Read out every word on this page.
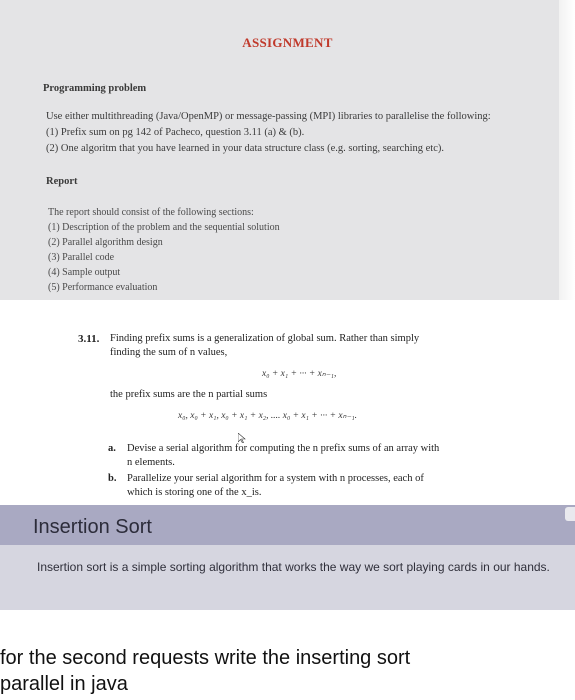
ASSIGNMENT
Programming problem
Use either multithreading (Java/OpenMP) or message-passing (MPI) libraries to parallelise the following:
(1) Prefix sum on pg 142 of Pacheco, question 3.11 (a) & (b).
(2) One algoritm that you have learned in your data structure class (e.g. sorting, searching etc).
Report
The report should consist of the following sections:
(1) Description of the problem and the sequential solution
(2) Parallel algorithm design
(3) Parallel code
(4) Sample output
(5) Performance evaluation
3.11. Finding prefix sums is a generalization of global sum. Rather than simply
finding the sum of n values,
x₀ + x₁ + ··· + xₙ₋₁,
the prefix sums are the n partial sums
x₀, x₀ + x₁, x₀ + x₁ + x₂, .... x₀ + x₁ + ··· + xₙ₋₁.
a. Devise a serial algorithm for computing the n prefix sums of an array with
n elements.
b. Parallelize your serial algorithm for a system with n processes, each of
which is storing one of the x_is.
Insertion Sort
Insertion sort is a simple sorting algorithm that works the way we sort playing cards in our hands.
for the second requests write the inserting sort
parallel in java
